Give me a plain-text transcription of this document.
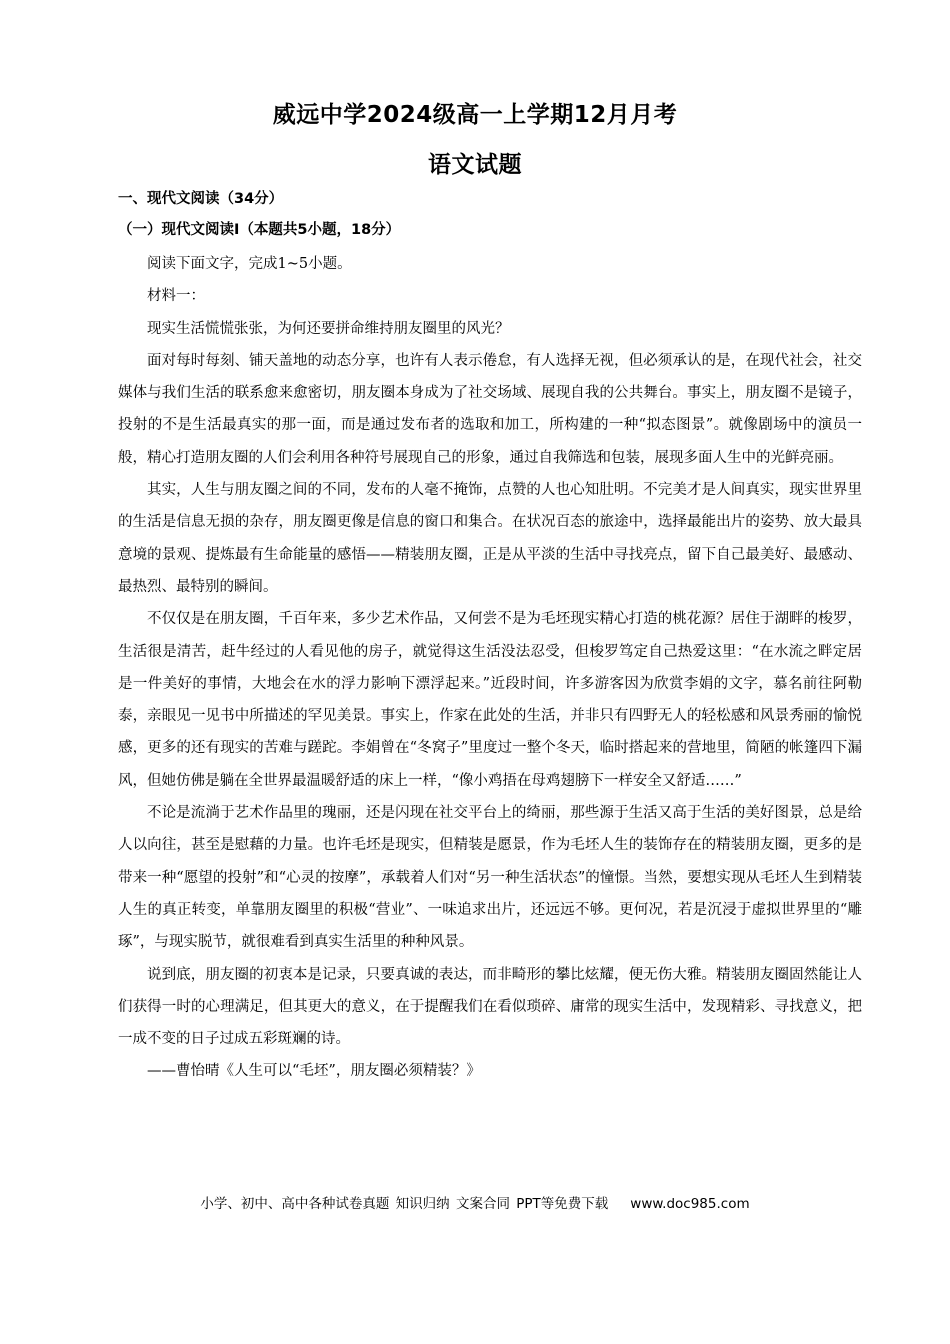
威远中学2024级高一上学期12月月考
语文试题
一、现代文阅读（34分）
（一）现代文阅读Ⅰ（本题共5小题，18分）

阅读下面文字，完成1~5小题。

材料一：

现实生活慌慌张张，为何还要拼命维持朋友圈里的风光？

面对每时每刻、铺天盖地的动态分享，也许有人表示倦怠，有人选择无视，但必须承认的是，在现代社会，社交媒体与我们生活的联系愈来愈密切，朋友圈本身成为了社交场域、展现自我的公共舞台。事实上，朋友圈不是镜子，投射的不是生活最真实的那一面，而是通过发布者的选取和加工，所构建的一种“拟态图景”。就像剧场中的演员一般，精心打造朋友圈的人们会利用各种符号展现自己的形象，通过自我筛选和包装，展现多面人生中的光鲜亮丽。

其实，人生与朋友圈之间的不同，发布的人毫不掩饰，点赞的人也心知肚明。不完美才是人间真实，现实世界里的生活是信息无损的杂存，朋友圈更像是信息的窗口和集合。在状况百态的旅途中，选择最能出片的姿势、放大最具意境的景观、提炼最有生命能量的感悟——精装朋友圈，正是从平淡的生活中寻找亮点，留下自己最美好、最感动、最热烈、最特别的瞬间。

不仅仅是在朋友圈，千百年来，多少艺术作品，又何尝不是为毛坯现实精心打造的桃花源？居住于湖畔的梭罗，生活很是清苦，赶牛经过的人看见他的房子，就觉得这生活没法忍受，但梭罗笃定自己热爱这里：“在水流之畔定居是一件美好的事情，大地会在水的浮力影响下漂浮起来。”近段时间，许多游客因为欣赏李娟的文字，慕名前往阿勒泰，亲眼见一见书中所描述的罕见美景。事实上，作家在此处的生活，并非只有四野无人的轻松感和风景秀丽的愉悦感，更多的还有现实的苦难与蹉跎。李娟曾在“冬窝子”里度过一整个冬天，临时搭起来的营地里，简陋的帐篷四下漏风，但她仿佛是躺在全世界最温暖舒适的床上一样，“像小鸡捂在母鸡翅膀下一样安全又舒适……”

不论是流淌于艺术作品里的瑰丽，还是闪现在社交平台上的绮丽，那些源于生活又高于生活的美好图景，总是给人以向往，甚至是慰藉的力量。也许毛坯是现实，但精装是愿景，作为毛坯人生的装饰存在的精装朋友圈，更多的是带来一种“愿望的投射”和“心灵的按摩”，承载着人们对“另一种生活状态”的憧憬。当然，要想实现从毛坯人生到精装人生的真正转变，单靠朋友圈里的积极“营业”、一味追求出片，还远远不够。更何况，若是沉浸于虚拟世界里的“雕琢”，与现实脱节，就很难看到真实生活里的种种风景。

说到底，朋友圈的初衷本是记录，只要真诚的表达，而非畸形的攀比炫耀，便无伤大雅。精装朋友圈固然能让人们获得一时的心理满足，但其更大的意义，在于提醒我们在看似琐碎、庸常的现实生活中，发现精彩、寻找意义，把一成不变的日子过成五彩斑斓的诗。

——曹怡晴《人生可以“毛坯”，朋友圈必须精装？》

小学、初中、高中各种试卷真题 知识归纳 文案合同 PPT等免费下载 www.doc985.com
